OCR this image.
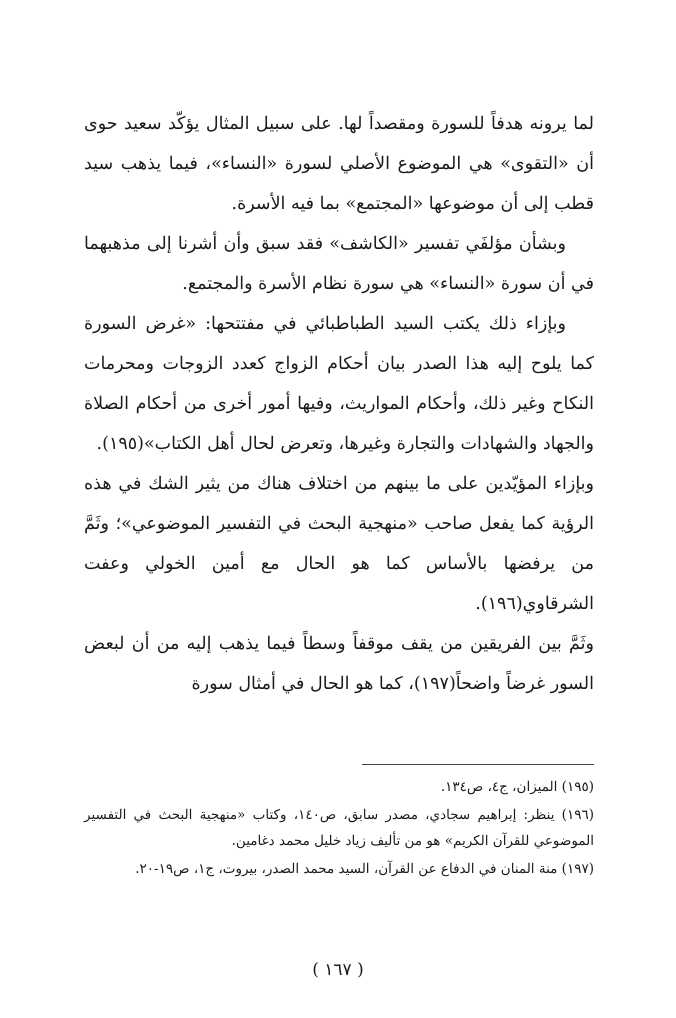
لما يرونه هدفاً للسورة ومقصداً لها. على سبيل المثال يؤكّد سعيد حوى أن «التقوى» هي الموضوع الأصلي لسورة «النساء»، فيما يذهب سيد قطب إلى أن موضوعها «المجتمع» بما فيه الأسرة.

وبشأن مؤلفَي تفسير «الكاشف» فقد سبق وأن أشرنا إلى مذهبهما في أن سورة «النساء» هي سورة نظام الأسرة والمجتمع.

وبإزاء ذلك يكتب السيد الطباطبائي في مفتتحها: «غرض السورة كما يلوح إليه هذا الصدر بيان أحكام الزواج كعدد الزوجات ومحرمات النكاح وغير ذلك، وأحكام المواريث، وفيها أمور أخرى من أحكام الصلاة والجهاد والشهادات والتجارة وغيرها، وتعرض لحال أهل الكتاب»(١٩٥).

وبإزاء المؤيّدين على ما بينهم من اختلاف هناك من يثير الشك في هذه الرؤية كما يفعل صاحب «منهجية البحث في التفسير الموضوعي»؛ وثَمَّ من يرفضها بالأساس كما هو الحال مع أمين الخولي وعفت الشرقاوي(١٩٦).

وثَمَّ بين الفريقين من يقف موقفاً وسطاً فيما يذهب إليه من أن لبعض السور غرضاً واضحاً(١٩٧)، كما هو الحال في أمثال سورة

(١٩٥) الميزان، ج٤، ص١٣٤.

(١٩٦) ينظر: إبراهيم سجادي، مصدر سابق، ص١٤٠، وكتاب «منهجية البحث في التفسير الموضوعي للقرآن الكريم» هو من تأليف زياد خليل محمد دغامين.

(١٩٧) منة المنان في الدفاع عن القرآن، السيد محمد الصدر، بيروت، ج١، ص١٩-٢٠.

( ١٦٧ )
